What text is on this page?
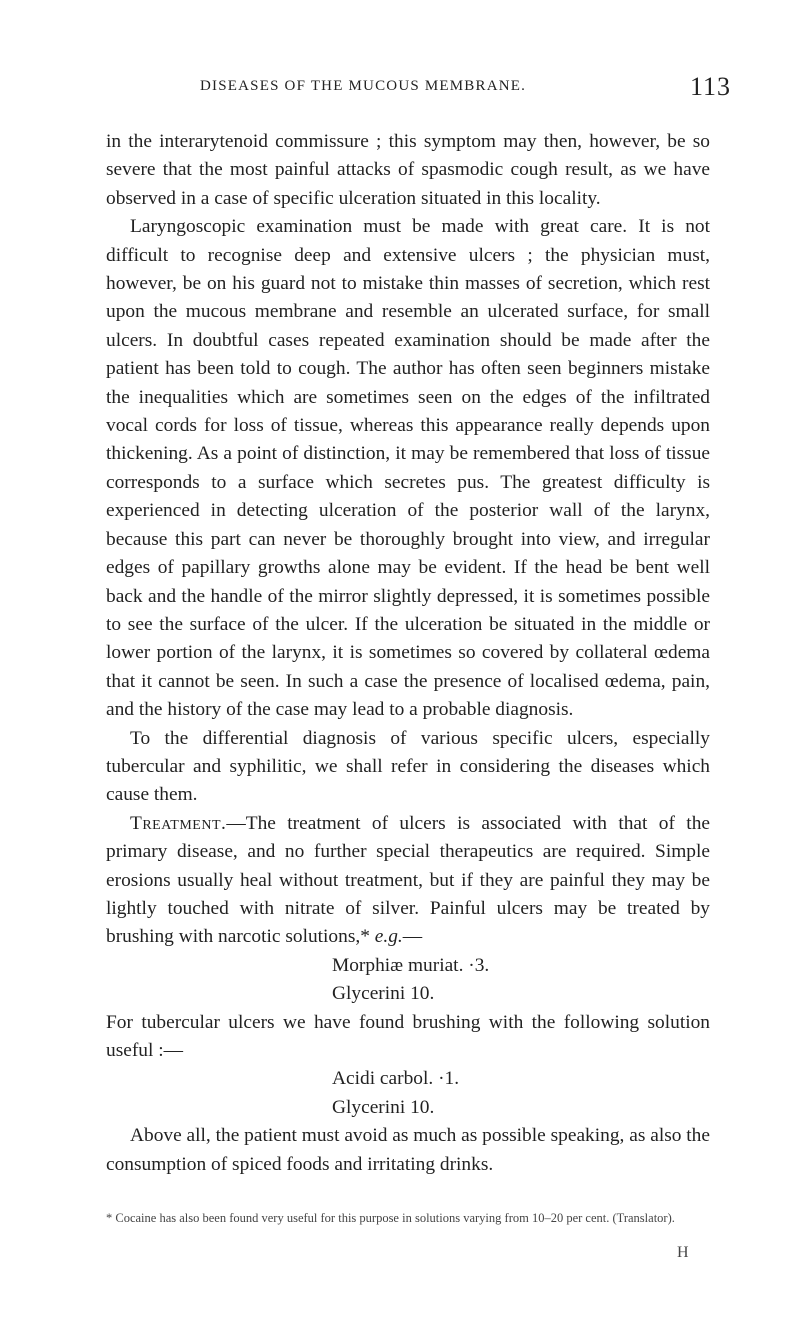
DISEASES OF THE MUCOUS MEMBRANE.	113

in the interarytenoid commissure ; this symptom may then, however, be so severe that the most painful attacks of spasmodic cough result, as we have observed in a case of specific ulceration situated in this locality.

Laryngoscopic examination must be made with great care. It is not difficult to recognise deep and extensive ulcers ; the physician must, however, be on his guard not to mistake thin masses of secretion, which rest upon the mucous membrane and resemble an ulcerated surface, for small ulcers. In doubtful cases repeated examination should be made after the patient has been told to cough. The author has often seen beginners mistake the inequalities which are sometimes seen on the edges of the infiltrated vocal cords for loss of tissue, whereas this appearance really depends upon thickening. As a point of distinction, it may be remembered that loss of tissue corresponds to a surface which secretes pus. The greatest difficulty is experienced in detecting ulceration of the posterior wall of the larynx, because this part can never be thoroughly brought into view, and irregular edges of papillary growths alone may be evident. If the head be bent well back and the handle of the mirror slightly depressed, it is sometimes possible to see the surface of the ulcer. If the ulceration be situated in the middle or lower portion of the larynx, it is sometimes so covered by collateral œdema that it cannot be seen. In such a case the presence of localised œdema, pain, and the history of the case may lead to a probable diagnosis.

To the differential diagnosis of various specific ulcers, especially tubercular and syphilitic, we shall refer in considering the diseases which cause them.

Treatment.—The treatment of ulcers is associated with that of the primary disease, and no further special therapeutics are required. Simple erosions usually heal without treatment, but if they are painful they may be lightly touched with nitrate of silver. Painful ulcers may be treated by brushing with narcotic solutions,* e.g.—

Morphiæ muriat. ·3.
Glycerini 10.

For tubercular ulcers we have found brushing with the following solution useful :—

Acidi carbol. ·1.
Glycerini 10.

Above all, the patient must avoid as much as possible speaking, as also the consumption of spiced foods and irritating drinks.

* Cocaine has also been found very useful for this purpose in solutions varying from 10–20 per cent. (Translator).
H
